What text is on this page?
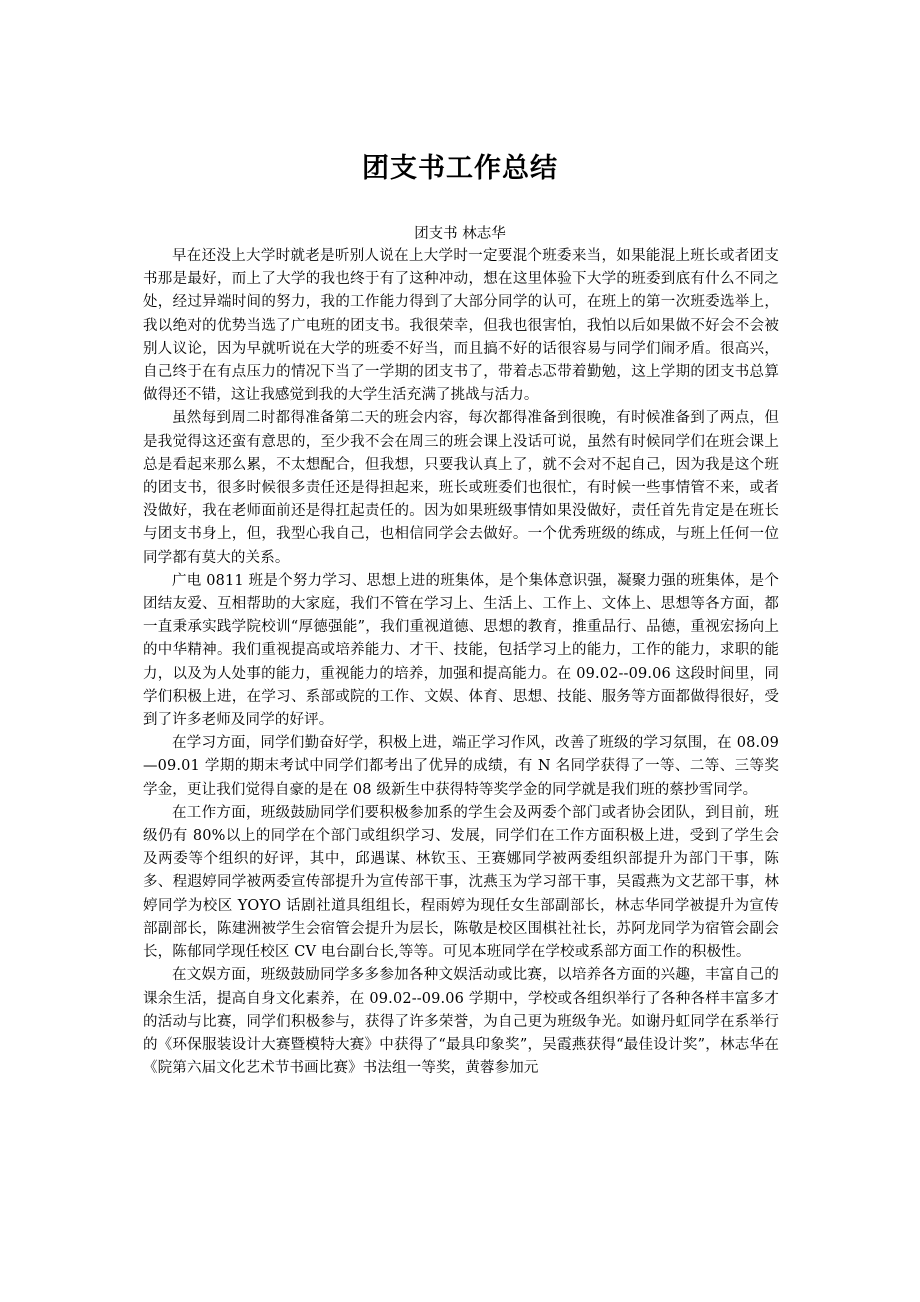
团支书工作总结

团支书 林志华

早在还没上大学时就老是听别人说在上大学时一定要混个班委来当，如果能混上班长或者团支书那是最好，而上了大学的我也终于有了这种冲动，想在这里体验下大学的班委到底有什么不同之处，经过异端时间的努力，我的工作能力得到了大部分同学的认可，在班上的第一次班委选举上，我以绝对的优势当选了广电班的团支书。我很荣幸，但我也很害怕，我怕以后如果做不好会不会被别人议论，因为早就听说在大学的班委不好当，而且搞不好的话很容易与同学们闹矛盾。很高兴，自己终于在有点压力的情况下当了一学期的团支书了，带着忐忑带着勤勉，这上学期的团支书总算做得还不错，这让我感觉到我的大学生活充满了挑战与活力。

虽然每到周二时都得准备第二天的班会内容，每次都得准备到很晚，有时候准备到了两点，但是我觉得这还蛮有意思的，至少我不会在周三的班会课上没话可说，虽然有时候同学们在班会课上总是看起来那么累，不太想配合，但我想，只要我认真上了，就不会对不起自己，因为我是这个班的团支书，很多时候很多责任还是得担起来，班长或班委们也很忙，有时候一些事情管不来，或者没做好，我在老师面前还是得扛起责任的。因为如果班级事情如果没做好，责任首先肯定是在班长与团支书身上，但，我型心我自己，也相信同学会去做好。一个优秀班级的练成，与班上任何一位同学都有莫大的关系。

广电 0811 班是个努力学习、思想上进的班集体，是个集体意识强，凝聚力强的班集体，是个团结友爱、互相帮助的大家庭，我们不管在学习上、生活上、工作上、文体上、思想等各方面，都一直秉承实践学院校训“厚德强能”，我们重视道德、思想的教育，推重品行、品德，重视宏扬向上的中华精神。我们重视提高或培养能力、才干、技能，包括学习上的能力，工作的能力，求职的能力，以及为人处事的能力，重视能力的培养，加强和提高能力。在 09.02--09.06 这段时间里，同学们积极上进，在学习、系部或院的工作、文娱、体育、思想、技能、服务等方面都做得很好，受到了许多老师及同学的好评。

在学习方面，同学们勤奋好学，积极上进，端正学习作风，改善了班级的学习氛围，在 08.09—09.01 学期的期末考试中同学们都考出了优异的成绩，有 N 名同学获得了一等、二等、三等奖学金，更让我们觉得自豪的是在 08 级新生中获得特等奖学金的同学就是我们班的蔡抄雪同学。

在工作方面，班级鼓励同学们要积极参加系的学生会及两委个部门或者协会团队，到目前，班级仍有 80%以上的同学在个部门或组织学习、发展，同学们在工作方面积极上进，受到了学生会及两委等个组织的好评，其中，邱遇谋、林钦玉、王赛娜同学被两委组织部提升为部门干事，陈多、程遐婷同学被两委宣传部提升为宣传部干事，沈燕玉为学习部干事，吴霞燕为文艺部干事，林婷同学为校区 YOYO 话剧社道具组组长，程雨婷为现任女生部副部长，林志华同学被提升为宣传部副部长，陈建洲被学生会宿管会提升为层长，陈敬是校区围棋社社长，苏阿龙同学为宿管会副会长，陈郁同学现任校区 CV 电台副台长,等等。可见本班同学在学校或系部方面工作的积极性。

在文娱方面，班级鼓励同学多多参加各种文娱活动或比赛，以培养各方面的兴趣，丰富自己的课余生活，提高自身文化素养，在 09.02--09.06 学期中，学校或各组织举行了各种各样丰富多才的活动与比赛，同学们积极参与，获得了许多荣誉，为自己更为班级争光。如谢丹虹同学在系举行的《环保服装设计大赛暨模特大赛》中获得了“最具印象奖”，吴霞燕获得“最佳设计奖”，林志华在《院第六届文化艺术节书画比赛》书法组一等奖，黄蓉参加元
